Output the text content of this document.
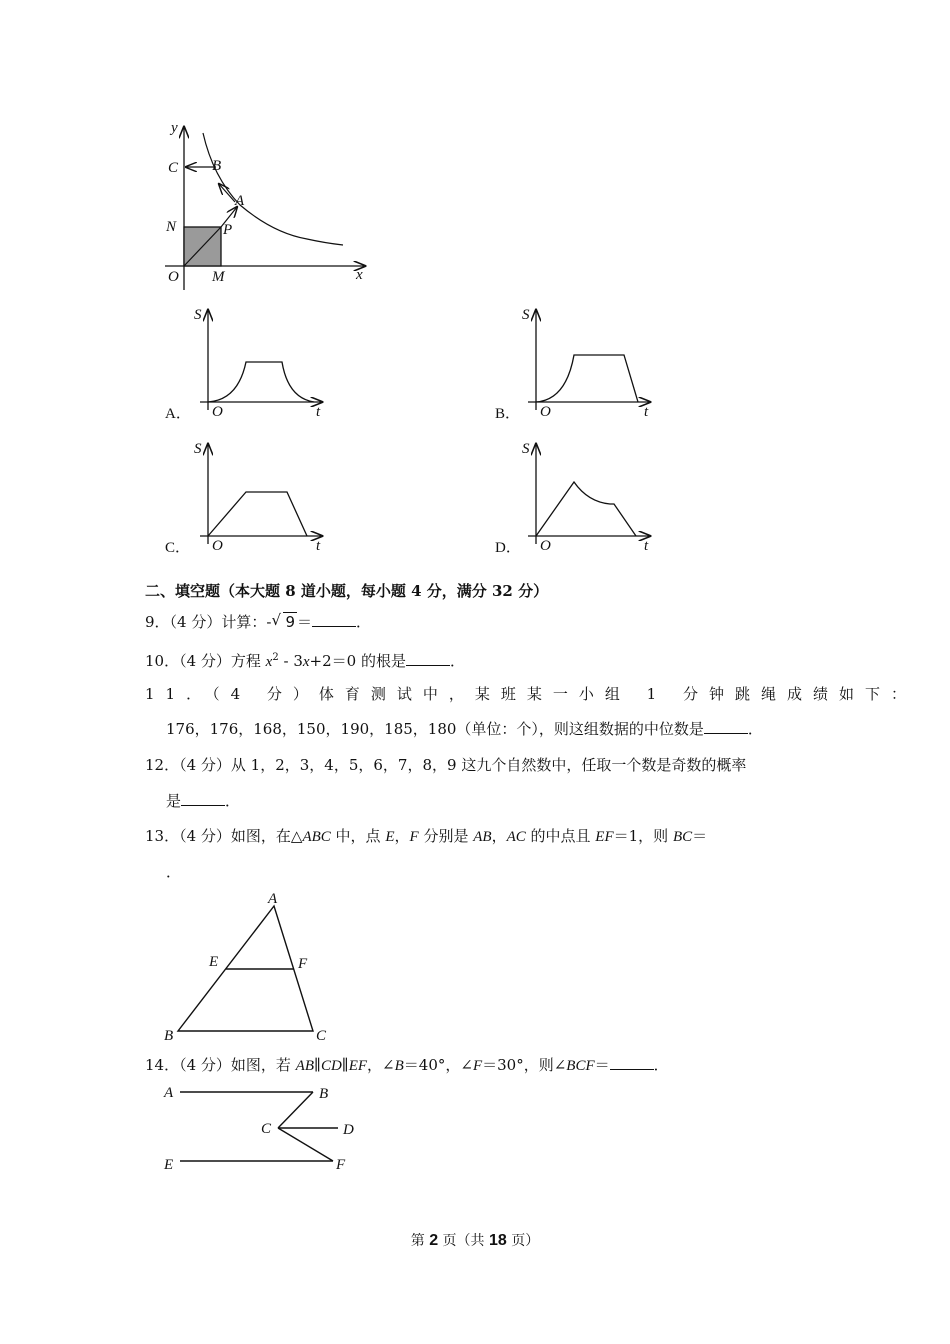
y
x
O
C B
A
N	P
M
A．
S
O	t	B．
S
O	t
C．
S
O	t	D．
S
O	t
二、填空题（本大题 8 道小题，每小题 4 分，满分 32 分）
9．（4 分）计算：- √ 9 ＝	．
10．（4 分）方程 $x^2 - 3x+2=0$ 的根是	．
11．（4 分）体育测试中，某班某一小组 1 分钟跳绳成绩如下：
176，176，168，150，190，185，180（单位：个），则这组数据的中位数是	．
12．（4 分）从 1，2，3，4，5，6，7，8，9 这九个自然数中，任取一个数是奇数的概率
是	．
13．（4 分）如图，在△ABC 中，点 E，F 分别是 AB，AC 的中点且 EF＝1，则 BC＝
．
A
E	F
B	C
14．（4 分）如图，若 AB∥CD∥EF，∠B＝40°，∠F＝30°，则∠BCF＝	．
A	B
C	D
E	F
第 2 页（共 18 页）
